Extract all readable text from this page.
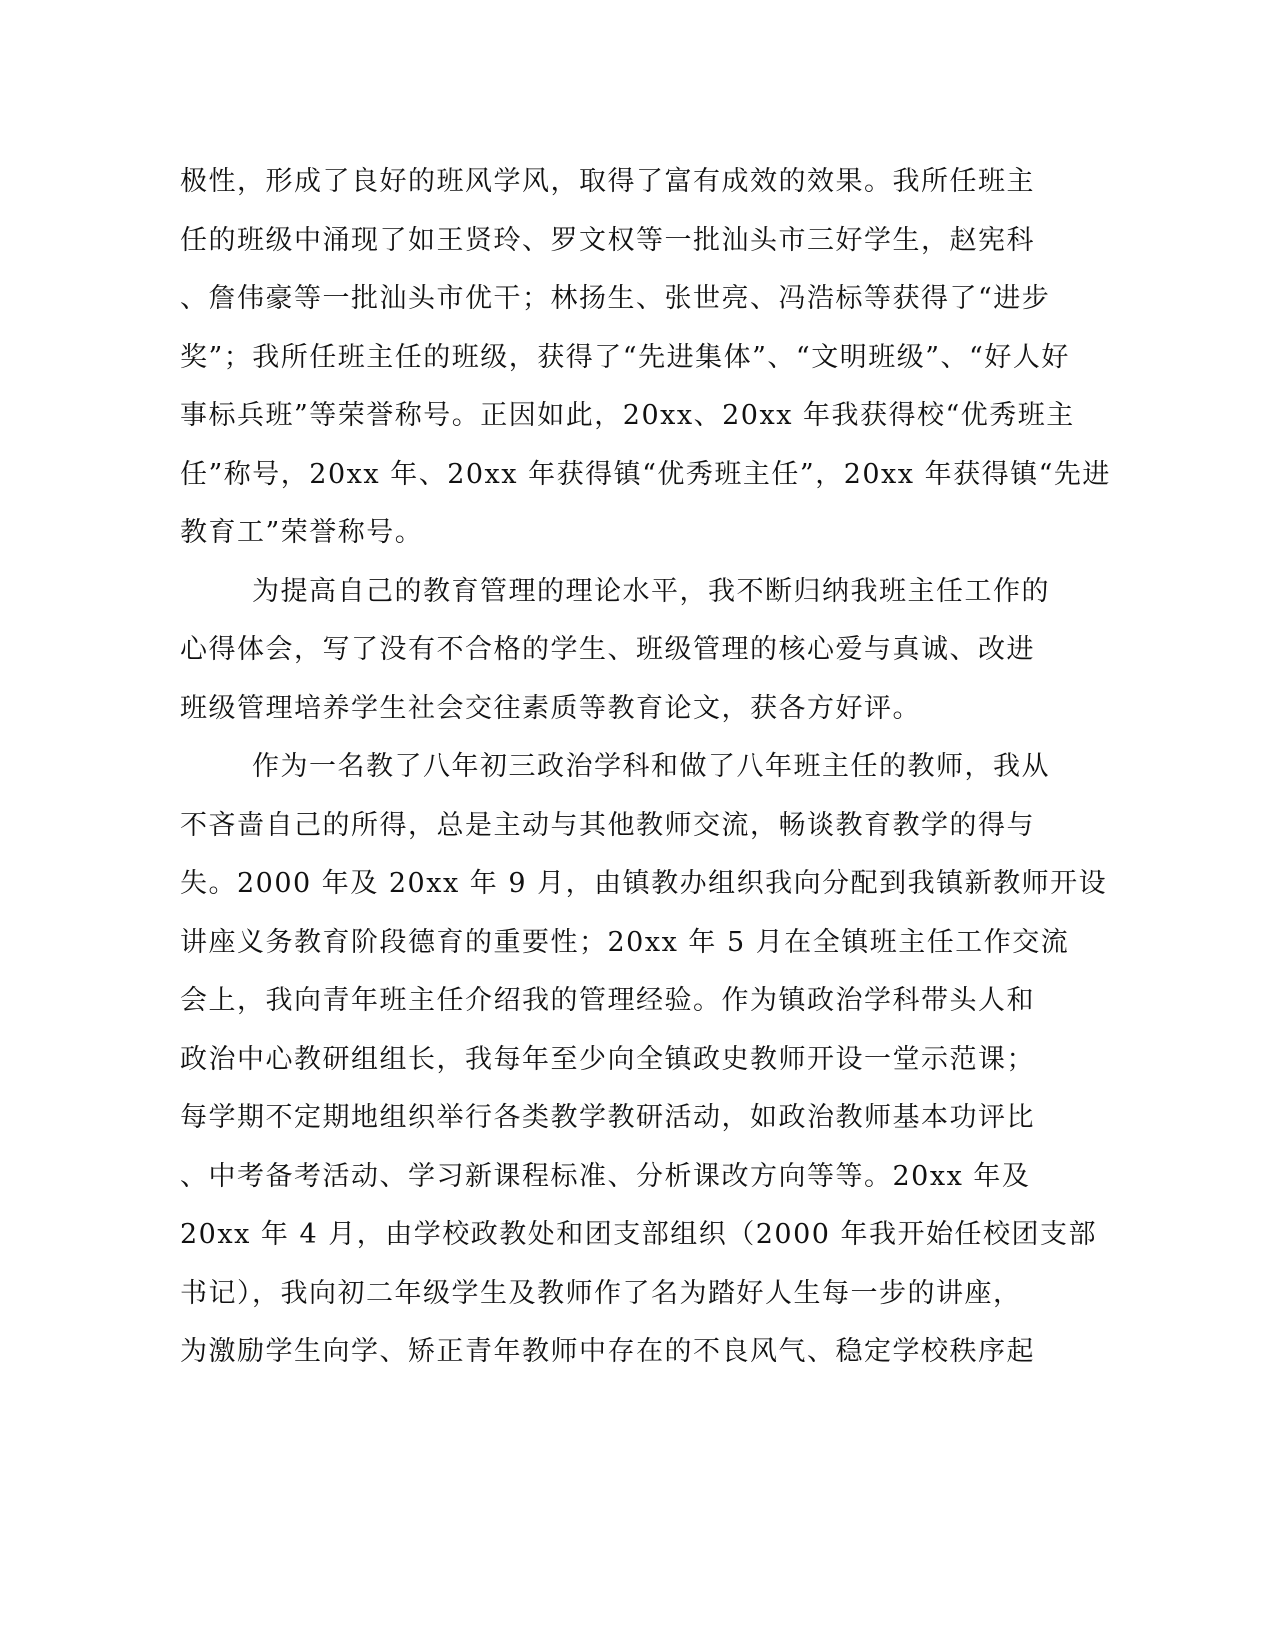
极性，形成了良好的班风学风，取得了富有成效的效果。我所任班主
任的班级中涌现了如王贤玲、罗文权等一批汕头市三好学生，赵宪科
、詹伟豪等一批汕头市优干；林扬生、张世亮、冯浩标等获得了“进步
奖”；我所任班主任的班级，获得了“先进集体”、“文明班级”、“好人好
事标兵班”等荣誉称号。正因如此，20xx、20xx 年我获得校“优秀班主
任”称号，20xx 年、20xx 年获得镇“优秀班主任”，20xx 年获得镇“先进
教育工”荣誉称号。
为提高自己的教育管理的理论水平，我不断归纳我班主任工作的
心得体会，写了没有不合格的学生、班级管理的核心爱与真诚、改进
班级管理培养学生社会交往素质等教育论文，获各方好评。
作为一名教了八年初三政治学科和做了八年班主任的教师，我从
不吝啬自己的所得，总是主动与其他教师交流，畅谈教育教学的得与
失。2000 年及 20xx 年 9 月，由镇教办组织我向分配到我镇新教师开设
讲座义务教育阶段德育的重要性；20xx 年 5 月在全镇班主任工作交流
会上，我向青年班主任介绍我的管理经验。作为镇政治学科带头人和
政治中心教研组组长，我每年至少向全镇政史教师开设一堂示范课；
每学期不定期地组织举行各类教学教研活动，如政治教师基本功评比
、中考备考活动、学习新课程标准、分析课改方向等等。20xx 年及
20xx 年 4 月，由学校政教处和团支部组织（2000 年我开始任校团支部
书记），我向初二年级学生及教师作了名为踏好人生每一步的讲座，
为激励学生向学、矫正青年教师中存在的不良风气、稳定学校秩序起
